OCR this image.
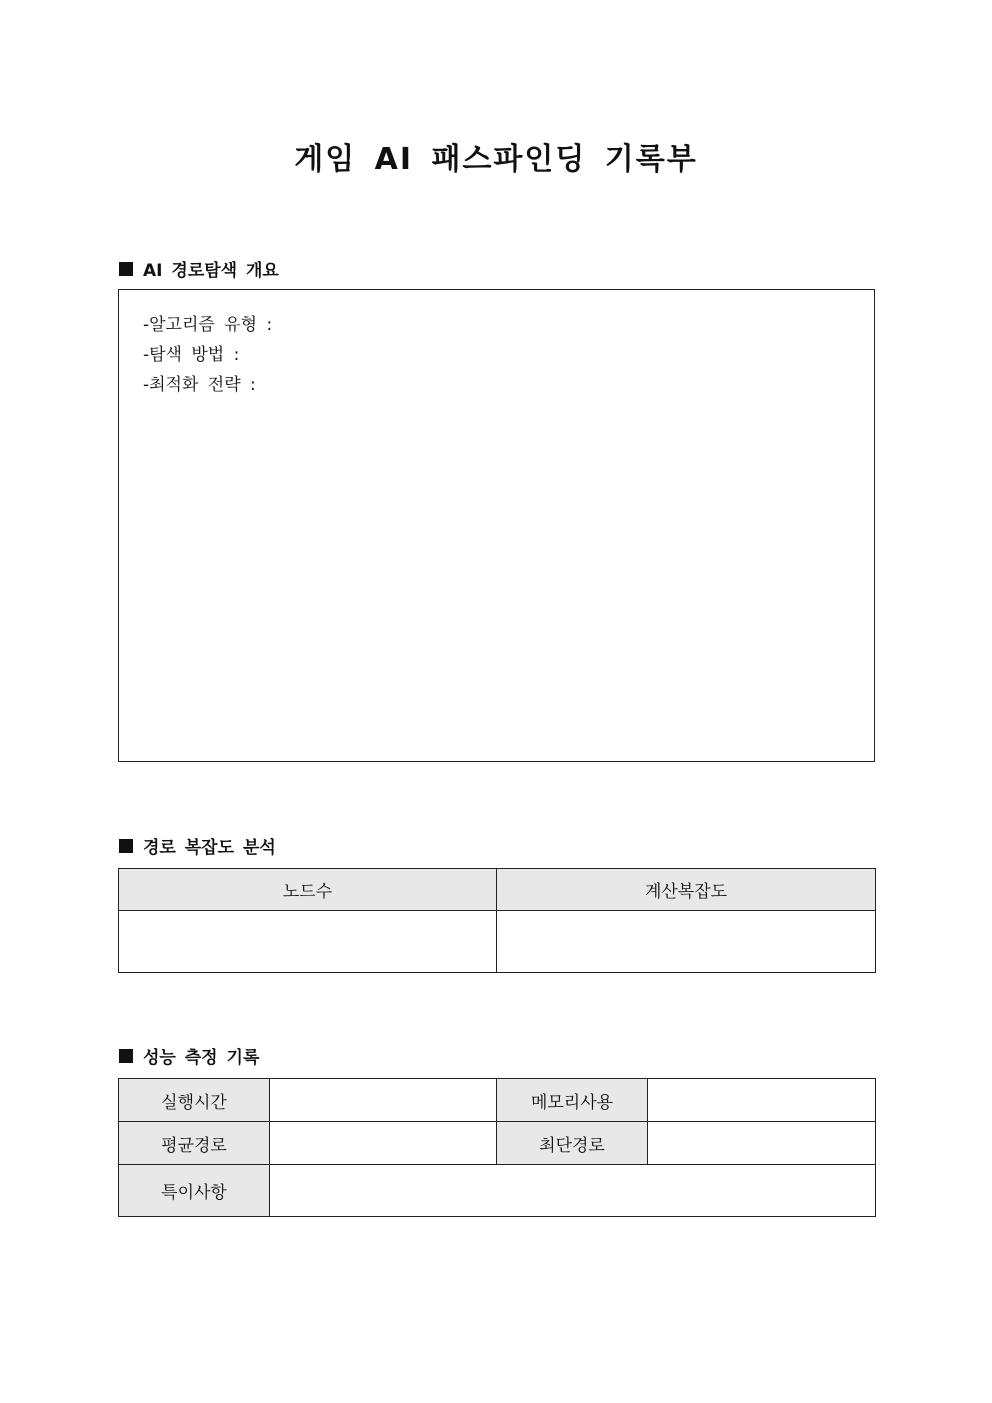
게임 AI 패스파인딩 기록부
AI 경로탐색 개요
-알고리즘 유형 :
-탐색 방법 :
-최적화 전략 :
경로 복잡도 분석
노드수	계산복잡도

성능 측정 기록
실행시간		메모리사용	
평균경로		최단경로	
특이사항			
